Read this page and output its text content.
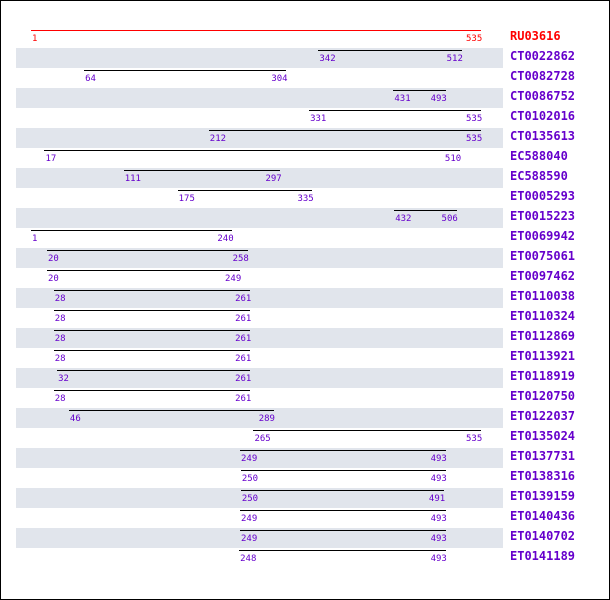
1	535 RU03616
342	512	CT0022862
64	304	CT0082728
431 493	CT0086752
331	535 CT0102016
212	535 CT0135613
17	510	EC588040
111	297	EC588590
175	335	ET0005293
432	506	ET0015223
1	240	ET0069942
20	258	ET0075061
20	249	ET0097462
28	261	ET0110038
28	261	ET0110324
28	261	ET0112869
28	261	ET0113921
32	261	ET0118919
28	261	ET0120750
46	289	ET0122037
265	535 ET0135024
249	493	ET0137731
250	493	ET0138316
250	491	ET0139159
249	493	ET0140436
249	493	ET0140702
248	493	ET0141189
